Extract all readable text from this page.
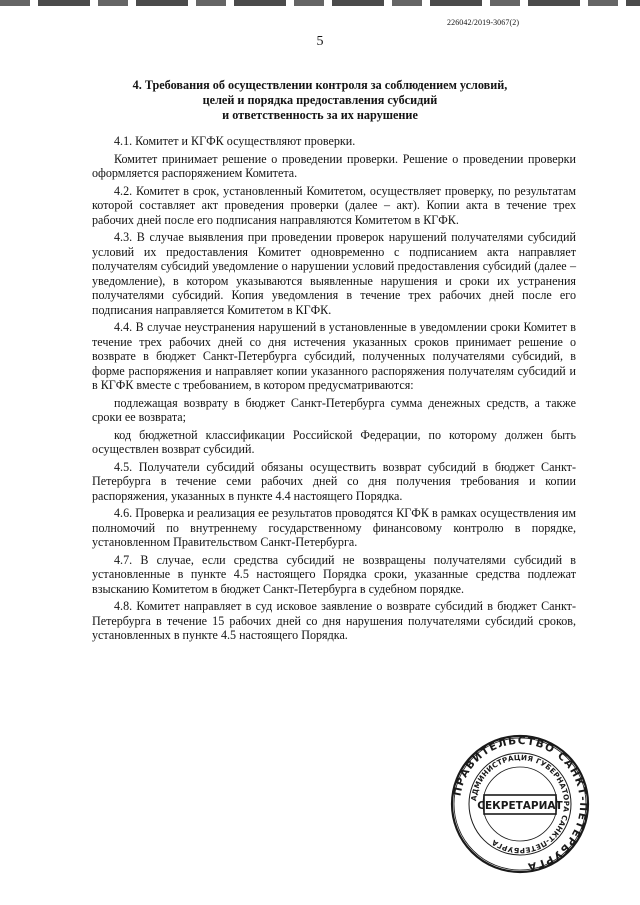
226042/2019-3067(2)
5
4. Требования об осуществлении контроля за соблюдением условий,
целей и порядка предоставления субсидий
и ответственность за их нарушение

4.1. Комитет и КГФК осуществляют проверки.

Комитет принимает решение о проведении проверки. Решение о проведении проверки оформляется распоряжением Комитета.

4.2. Комитет в срок, установленный Комитетом, осуществляет проверку, по результатам которой составляет акт проведения проверки (далее – акт). Копии акта в течение трех рабочих дней после его подписания направляются Комитетом в КГФК.

4.3. В случае выявления при проведении проверок нарушений получателями субсидий условий их предоставления Комитет одновременно с подписанием акта направляет получателям субсидий уведомление о нарушении условий предоставления субсидий (далее – уведомление), в котором указываются выявленные нарушения и сроки их устранения получателями субсидий. Копия уведомления в течение трех рабочих дней после его подписания направляется Комитетом в КГФК.

4.4. В случае неустранения нарушений в установленные в уведомлении сроки Комитет в течение трех рабочих дней со дня истечения указанных сроков принимает решение о возврате в бюджет Санкт-Петербурга субсидий, полученных получателями субсидий, в форме распоряжения и направляет копии указанного распоряжения получателям субсидий и в КГФК вместе с требованием, в котором предусматриваются:

подлежащая возврату в бюджет Санкт-Петербурга сумма денежных средств, а также сроки ее возврата;

код бюджетной классификации Российской Федерации, по которому должен быть осуществлен возврат субсидий.

4.5. Получатели субсидий обязаны осуществить возврат субсидий в бюджет Санкт-Петербурга в течение семи рабочих дней со дня получения требования и копии распоряжения, указанных в пункте 4.4 настоящего Порядка.

4.6. Проверка и реализация ее результатов проводятся КГФК в рамках осуществления им полномочий по внутреннему государственному финансовому контролю в порядке, установленном Правительством Санкт-Петербурга.

4.7. В случае, если средства субсидий не возвращены получателями субсидий в установленные в пункте 4.5 настоящего Порядка сроки, указанные средства подлежат взысканию Комитетом в бюджет Санкт-Петербурга в судебном порядке.

4.8. Комитет направляет в суд исковое заявление о возврате субсидий в бюджет Санкт-Петербурга в течение 15 рабочих дней со дня нарушения получателями субсидий сроков, установленных в пункте 4.5 настоящего Порядка.

ПРАВИТЕЛЬСТВО САНКТ-ПЕТЕРБУРГА
АДМИНИСТРАЦИЯ ГУБЕРНАТОРА САНКТ-ПЕТЕРБУРГА
СЕКРЕТАРИАТ
